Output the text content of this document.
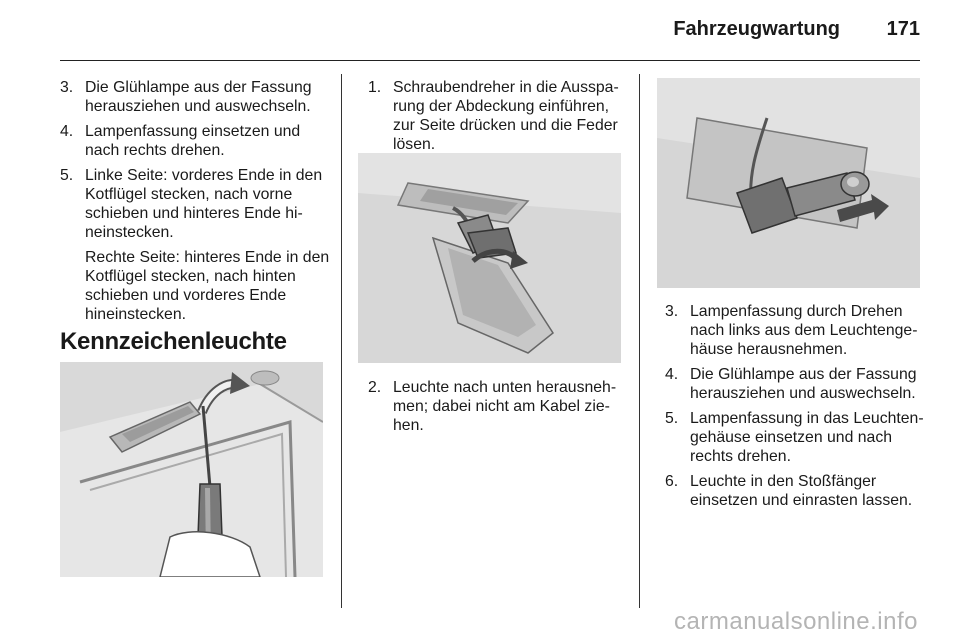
Fahrzeugwartung	171
3. Die Glühlampe aus der Fassung herausziehen und auswechseln.
4. Lampenfassung einsetzen und nach rechts drehen.
5. Linke Seite: vorderes Ende in den Kotflügel stecken, nach vorne schieben und hinteres Ende hineinstecken.

Rechte Seite: hinteres Ende in den Kotflügel stecken, nach hinten schieben und vorderes Ende hineinstecken.

Kennzeichenleuchte
1. Schraubendreher in die Aussparung der Abdeckung einführen, zur Seite drücken und die Feder lösen.
2. Leuchte nach unten herausnehmen; dabei nicht am Kabel ziehen.
3. Lampenfassung durch Drehen nach links aus dem Leuchtengehäuse herausnehmen.
4. Die Glühlampe aus der Fassung herausziehen und auswechseln.
5. Lampenfassung in das Leuchtengehäuse einsetzen und nach rechts drehen.
6. Leuchte in den Stoßfänger einsetzen und einrasten lassen.
carmanualsonline.info
